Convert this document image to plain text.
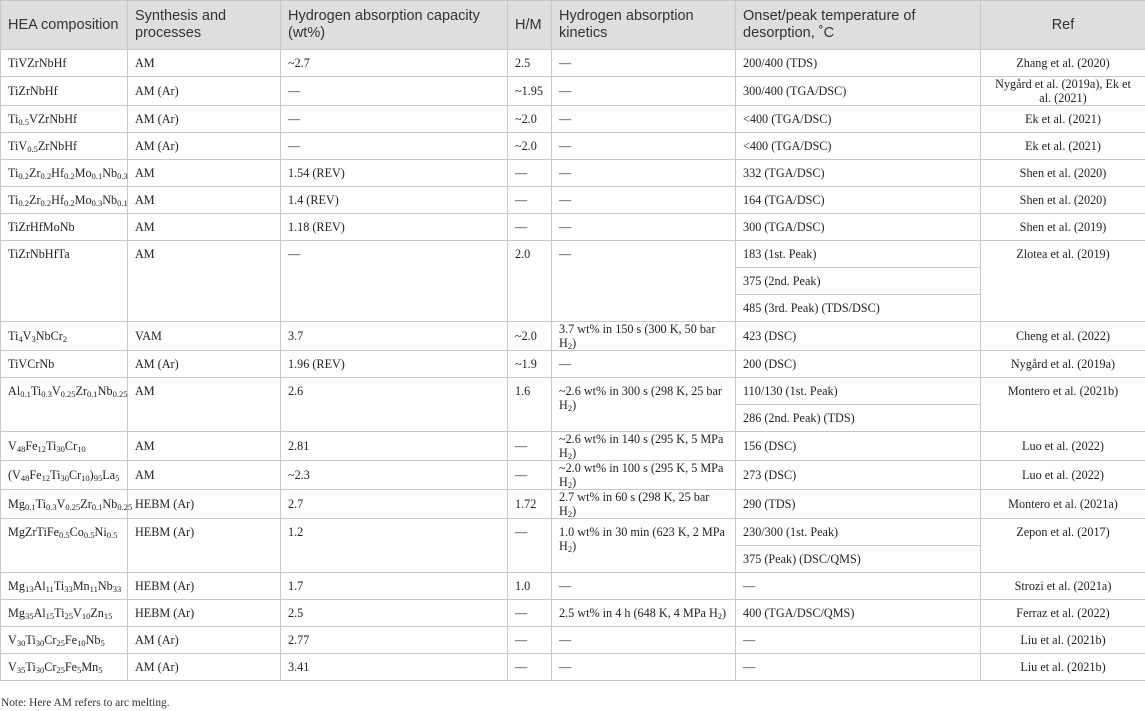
HEA composition	Synthesis and processes	Hydrogen absorption capacity (wt%)	H/M	Hydrogen absorption kinetics	Onset/peak temperature of desorption, ˚C	Ref
TiVZrNbHf	AM	~2.7	2.5	—	200/400 (TDS)	Zhang et al. (2020)
TiZrNbHf	AM (Ar)	—	~1.95	—	300/400 (TGA/DSC)	Nygård et al. (2019a), Ek et al. (2021)
$Ti_{0.5}VZrNbHf$	AM (Ar)	—	~2.0	—	<400 (TGA/DSC)	Ek et al. (2021)
TiV$_{0.5}$ZrNbHf	AM (Ar)	—	~2.0	—	<400 (TGA/DSC)	Ek et al. (2021)
$Ti_{0.2}Zr_{0.2}Hf_{0.2}Mo_{0.1}Nb_{0.3}$	AM	1.54 (REV)	—	—	332 (TGA/DSC)	Shen et al. (2020)
$Ti_{0.2}Zr_{0.2}Hf_{0.2}Mo_{0.3}Nb_{0.1}$	AM	1.4 (REV)	—	—	164 (TGA/DSC)	Shen et al. (2020)
TiZrHfMoNb	AM	1.18 (REV)	—	—	300 (TGA/DSC)	Shen et al. (2019)
TiZrNbHfTa	AM	—	2.0	—	183 (1st. Peak)	Zlotea et al. (2019)
					375 (2nd. Peak)	
					485 (3rd. Peak) (TDS/DSC)	
$Ti_4V_3NbCr_2$	VAM	3.7	~2.0	3.7 wt% in 150 s (300 K, 50 bar $H_2$)	423 (DSC)	Cheng et al. (2022)
TiVCrNb	AM (Ar)	1.96 (REV)	~1.9	—	200 (DSC)	Nygård et al. (2019a)
$Al_{0.1}Ti_{0.3}V_{0.25}Zr_{0.1}Nb_{0.25}$	AM	2.6	1.6	~2.6 wt% in 300 s (298 K, 25 bar $H_2$)	110/130 (1st. Peak)	Montero et al. (2021b)
					286 (2nd. Peak) (TDS)	
$V_{48}Fe_{12}Ti_{30}Cr_{10}$	AM	2.81	—	~2.6 wt% in 140 s (295 K, 5 MPa $H_2$)	156 (DSC)	Luo et al. (2022)
$(V_{48}Fe_{12}Ti_{30}Cr_{10})_{95}La_5$	AM	~2.3	—	~2.0 wt% in 100 s (295 K, 5 MPa $H_2$)	273 (DSC)	Luo et al. (2022)
$Mg_{0.1}Ti_{0.3}V_{0.25}Zr_{0.1}Nb_{0.25}$	HEBM (Ar)	2.7	1.72	2.7 wt% in 60 s (298 K, 25 bar $H_2$)	290 (TDS)	Montero et al. (2021a)
$MgZrTiFe_{0.5}Co_{0.5}Ni_{0.5}$	HEBM (Ar)	1.2	—	1.0 wt% in 30 min (623 K, 2 MPa $H_2$)	230/300 (1st. Peak)	Zepon et al. (2017)
					375 (Peak) (DSC/QMS)	
$Mg_{13}Al_{11}Ti_{33}Mn_{11}Nb_{33}$	HEBM (Ar)	1.7	1.0	—	—	Strozi et al. (2021a)
$Mg_{35}Al_{15}Ti_{25}V_{10}Zn_{15}$	HEBM (Ar)	2.5	—	2.5 wt% in 4 h (648 K, 4 MPa $H_2$)	400 (TGA/DSC/QMS)	Ferraz et al. (2022)
$V_{30}Ti_{30}Cr_{25}Fe_{10}Nb_5$	AM (Ar)	2.77	—	—	—	Liu et al. (2021b)
$V_{35}Ti_{30}Cr_{25}Fe_5Mn_5$	AM (Ar)	3.41	—	—	—	Liu et al. (2021b)
Note: Here AM refers to arc melting.
